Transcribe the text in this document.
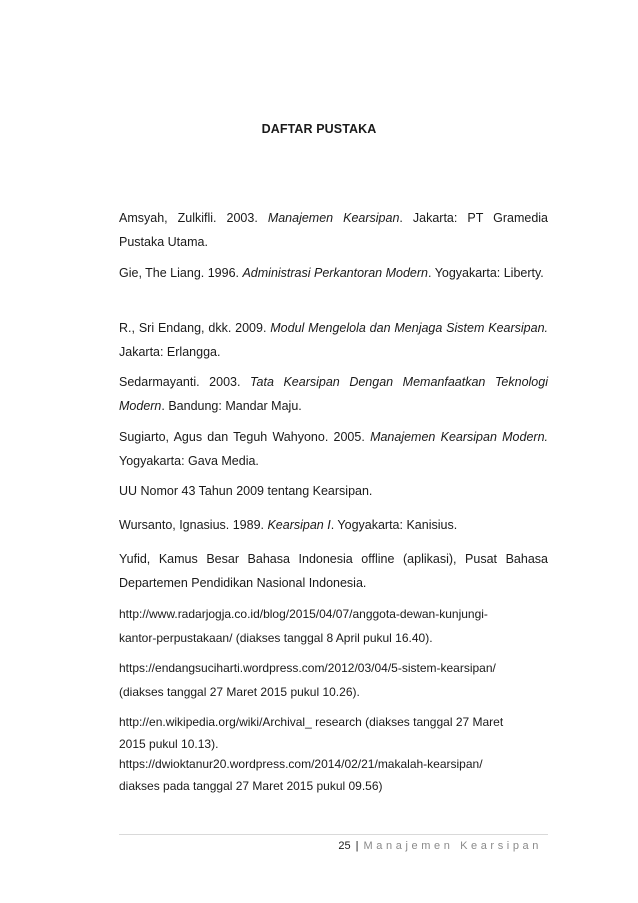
DAFTAR PUSTAKA
Amsyah, Zulkifli. 2003. Manajemen Kearsipan. Jakarta: PT Gramedia Pustaka Utama.
Gie, The Liang. 1996. Administrasi Perkantoran Modern. Yogyakarta: Liberty.
R., Sri Endang, dkk. 2009. Modul Mengelola dan Menjaga Sistem Kearsipan. Jakarta: Erlangga.
Sedarmayanti. 2003. Tata Kearsipan Dengan Memanfaatkan Teknologi Modern. Bandung: Mandar Maju.
Sugiarto, Agus dan Teguh Wahyono. 2005. Manajemen Kearsipan Modern. Yogyakarta: Gava Media.
UU Nomor 43 Tahun 2009 tentang Kearsipan.
Wursanto, Ignasius. 1989. Kearsipan I. Yogyakarta: Kanisius.
Yufid, Kamus Besar Bahasa Indonesia offline (aplikasi), Pusat Bahasa Departemen Pendidikan Nasional Indonesia.
http://www.radarjogja.co.id/blog/2015/04/07/anggota-dewan-kunjungi-
kantor-perpustakaan/ (diakses tanggal 8 April pukul 16.40).
https://endangsuciharti.wordpress.com/2012/03/04/5-sistem-kearsipan/
(diakses tanggal 27 Maret 2015 pukul 10.26).
http://en.wikipedia.org/wiki/Archival_ research (diakses tanggal 27 Maret
2015 pukul 10.13).
https://dwioktanur20.wordpress.com/2014/02/21/makalah-kearsipan/
diakses pada tanggal 27 Maret 2015 pukul 09.56)
25 | Manajemen Kearsipan
